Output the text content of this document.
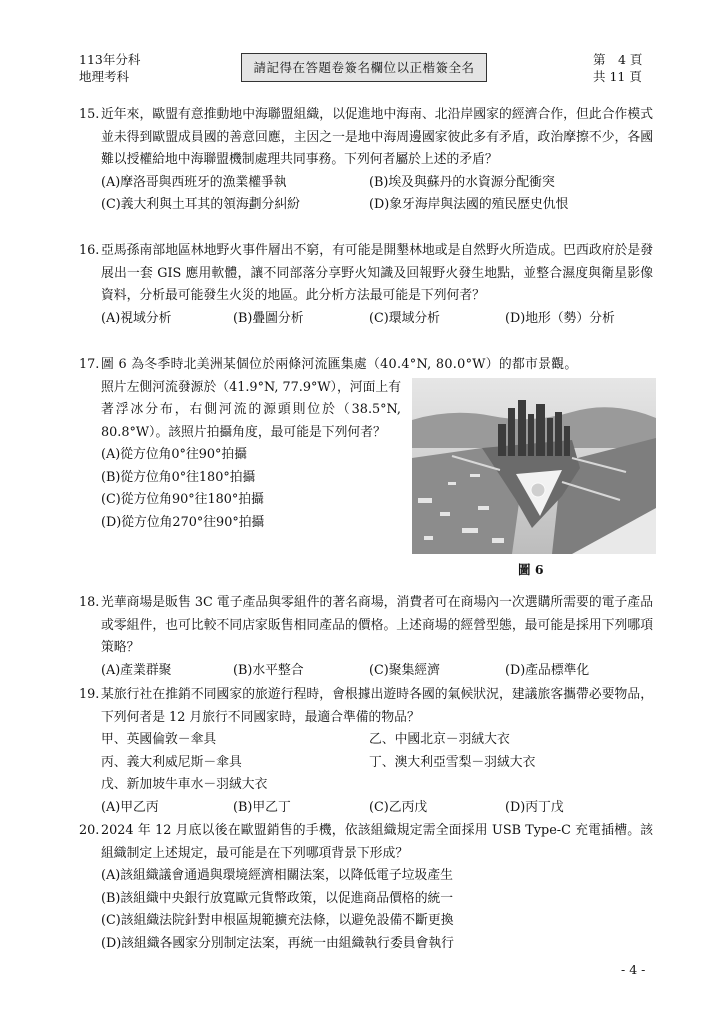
113年分科
地理考科
請記得在答題卷簽名欄位以正楷簽全名
第　4 頁
共 11 頁
15. 近年來，歐盟有意推動地中海聯盟組織，以促進地中海南、北沿岸國家的經濟合作，但此合作模式並未得到歐盟成員國的善意回應，主因之一是地中海周邊國家彼此多有矛盾，政治摩擦不少，各國難以授權給地中海聯盟機制處理共同事務。下列何者屬於上述的矛盾？
(A)摩洛哥與西班牙的漁業權爭執	(B)埃及與蘇丹的水資源分配衝突
(C)義大利與土耳其的領海劃分糾紛	(D)象牙海岸與法國的殖民歷史仇恨
16. 亞馬孫南部地區林地野火事件層出不窮，有可能是開墾林地或是自然野火所造成。巴西政府於是發展出一套 GIS 應用軟體，讓不同部落分享野火知識及回報野火發生地點，並整合濕度與衛星影像資料，分析最可能發生火災的地區。此分析方法最可能是下列何者？
(A)視域分析	(B)疊圖分析	(C)環域分析	(D)地形（勢）分析
17. 圖 6 為冬季時北美洲某個位於兩條河流匯集處（40.4°N, 80.0°W）的都市景觀。
照片左側河流發源於（41.9°N, 77.9°W），河面上有著浮冰分布，右側河流的源頭則位於（38.5°N, 80.8°W）。該照片拍攝角度，最可能是下列何者？
(A)從方位角0°往90°拍攝
(B)從方位角0°往180°拍攝
(C)從方位角90°往180°拍攝
(D)從方位角270°往90°拍攝
圖 6
18. 光華商場是販售 3C 電子產品與零組件的著名商場，消費者可在商場內一次選購所需要的電子產品或零組件，也可比較不同店家販售相同產品的價格。上述商場的經營型態，最可能是採用下列哪項策略？
(A)產業群聚	(B)水平整合	(C)聚集經濟	(D)產品標準化
19. 某旅行社在推銷不同國家的旅遊行程時，會根據出遊時各國的氣候狀況，建議旅客攜帶必要物品，下列何者是 12 月旅行不同國家時，最適合準備的物品？
甲、英國倫敦－傘具	乙、中國北京－羽絨大衣
丙、義大利威尼斯－傘具	丁、澳大利亞雪梨－羽絨大衣
戊、新加坡牛車水－羽絨大衣
(A)甲乙丙	(B)甲乙丁	(C)乙丙戊	(D)丙丁戊
20. 2024 年 12 月底以後在歐盟銷售的手機，依該組織規定需全面採用 USB Type-C 充電插槽。該組織制定上述規定，最可能是在下列哪項背景下形成？
(A)該組織議會通過與環境經濟相關法案，以降低電子垃圾產生
(B)該組織中央銀行放寬歐元貨幣政策，以促進商品價格的統一
(C)該組織法院針對申根區規範擴充法條，以避免設備不斷更換
(D)該組織各國家分別制定法案，再統一由組織執行委員會執行
- 4 -
